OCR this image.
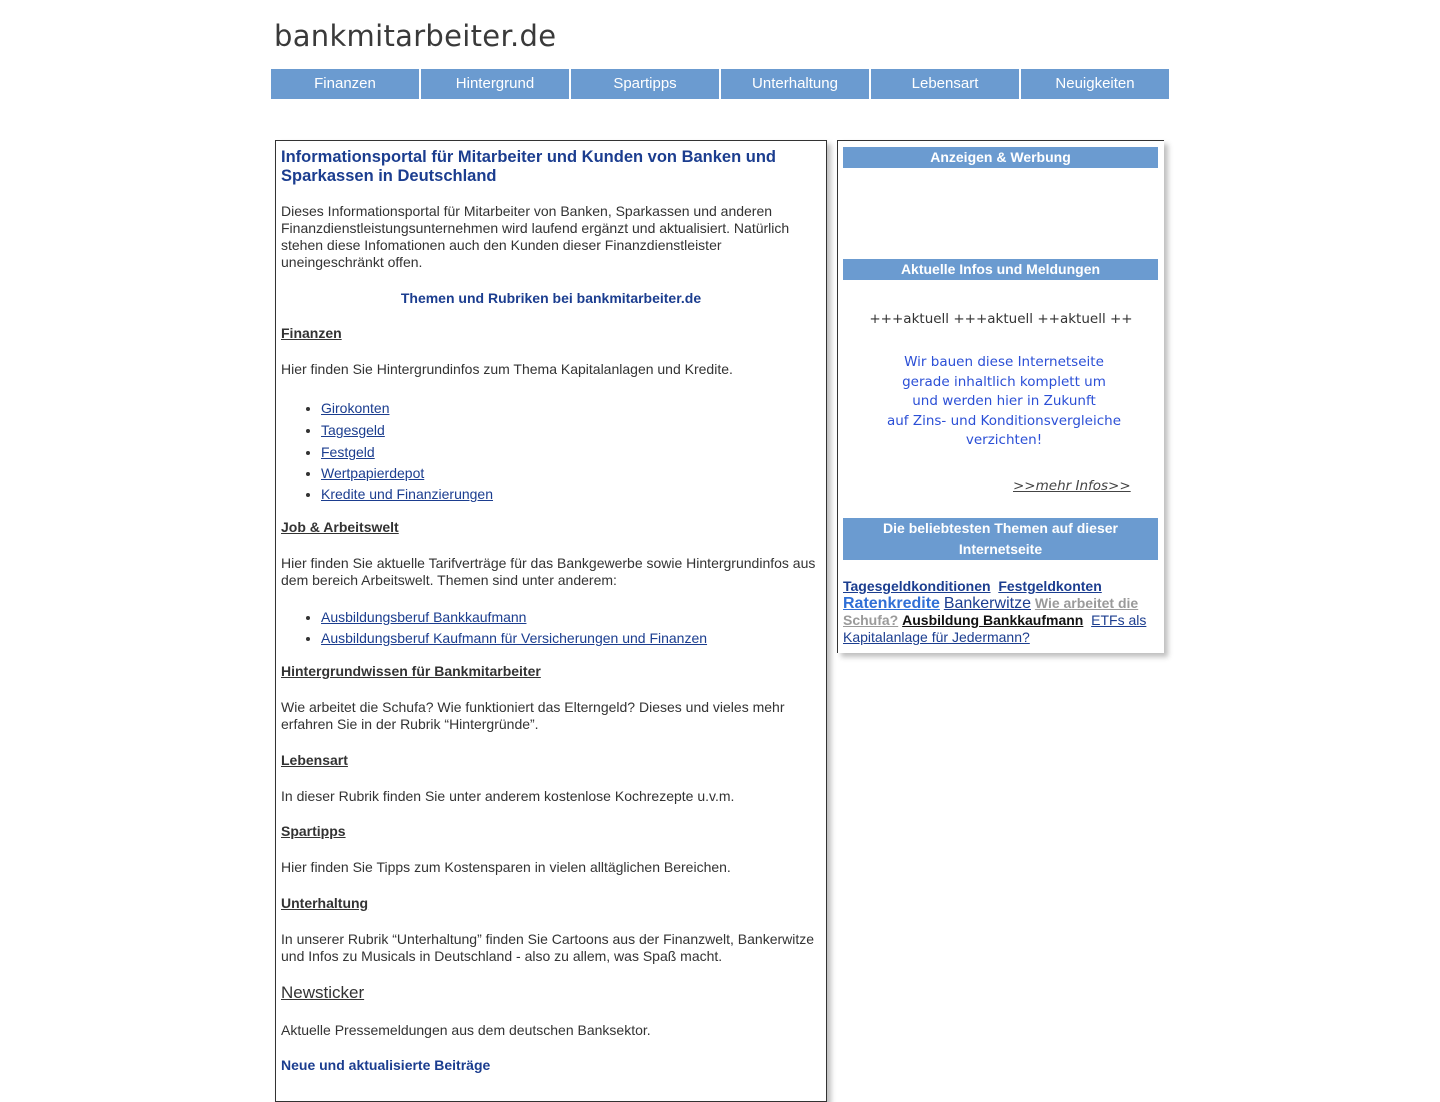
bankmitarbeiter.de
Finanzen	Hintergrund	Spartipps	Unterhaltung	Lebensart	Neuigkeiten
Informationsportal für Mitarbeiter und Kunden von Banken und Sparkassen in Deutschland
Dieses Informationsportal für Mitarbeiter von Banken, Sparkassen und anderen Finanzdienstleistungsunternehmen wird laufend ergänzt und aktualisiert. Natürlich stehen diese Infomationen auch den Kunden dieser Finanzdienstleister uneingeschränkt offen.
Themen und Rubriken bei bankmitarbeiter.de
Finanzen
Hier finden Sie Hintergrundinfos zum Thema Kapitalanlagen und Kredite.
• Girokonten
• Tagesgeld
• Festgeld
• Wertpapierdepot
• Kredite und Finanzierungen
Job & Arbeitswelt
Hier finden Sie aktuelle Tarifverträge für das Bankgewerbe sowie Hintergrundinfos aus dem bereich Arbeitswelt. Themen sind unter anderem:
• Ausbildungsberuf Bankkaufmann
• Ausbildungsberuf Kaufmann für Versicherungen und Finanzen
Hintergrundwissen für Bankmitarbeiter
Wie arbeitet die Schufa? Wie funktioniert das Elterngeld? Dieses und vieles mehr erfahren Sie in der Rubrik “Hintergründe”.
Lebensart
In dieser Rubrik finden Sie unter anderem kostenlose Kochrezepte u.v.m.
Spartipps
Hier finden Sie Tipps zum Kostensparen in vielen alltäglichen Bereichen.
Unterhaltung
In unserer Rubrik “Unterhaltung” finden Sie Cartoons aus der Finanzwelt, Bankerwitze und Infos zu Musicals in Deutschland - also zu allem, was Spaß macht.
Newsticker
Aktuelle Pressemeldungen aus dem deutschen Banksektor.
Neue und aktualisierte Beiträge
Anzeigen & Werbung
Aktuelle Infos und Meldungen
+++aktuell +++aktuell ++aktuell ++
Wir bauen diese Internetseite
gerade inhaltlich komplett um
und werden hier in Zukunft
auf Zins- und Konditionsvergleiche
verzichten!
>>mehr Infos>>
Die beliebtesten Themen auf dieser Internetseite
Tagesgeldkonditionen Festgeldkonten Ratenkredite Bankerwitze Wie arbeitet die Schufa? Ausbildung Bankkaufmann ETFs als Kapitalanlage für Jedermann?
